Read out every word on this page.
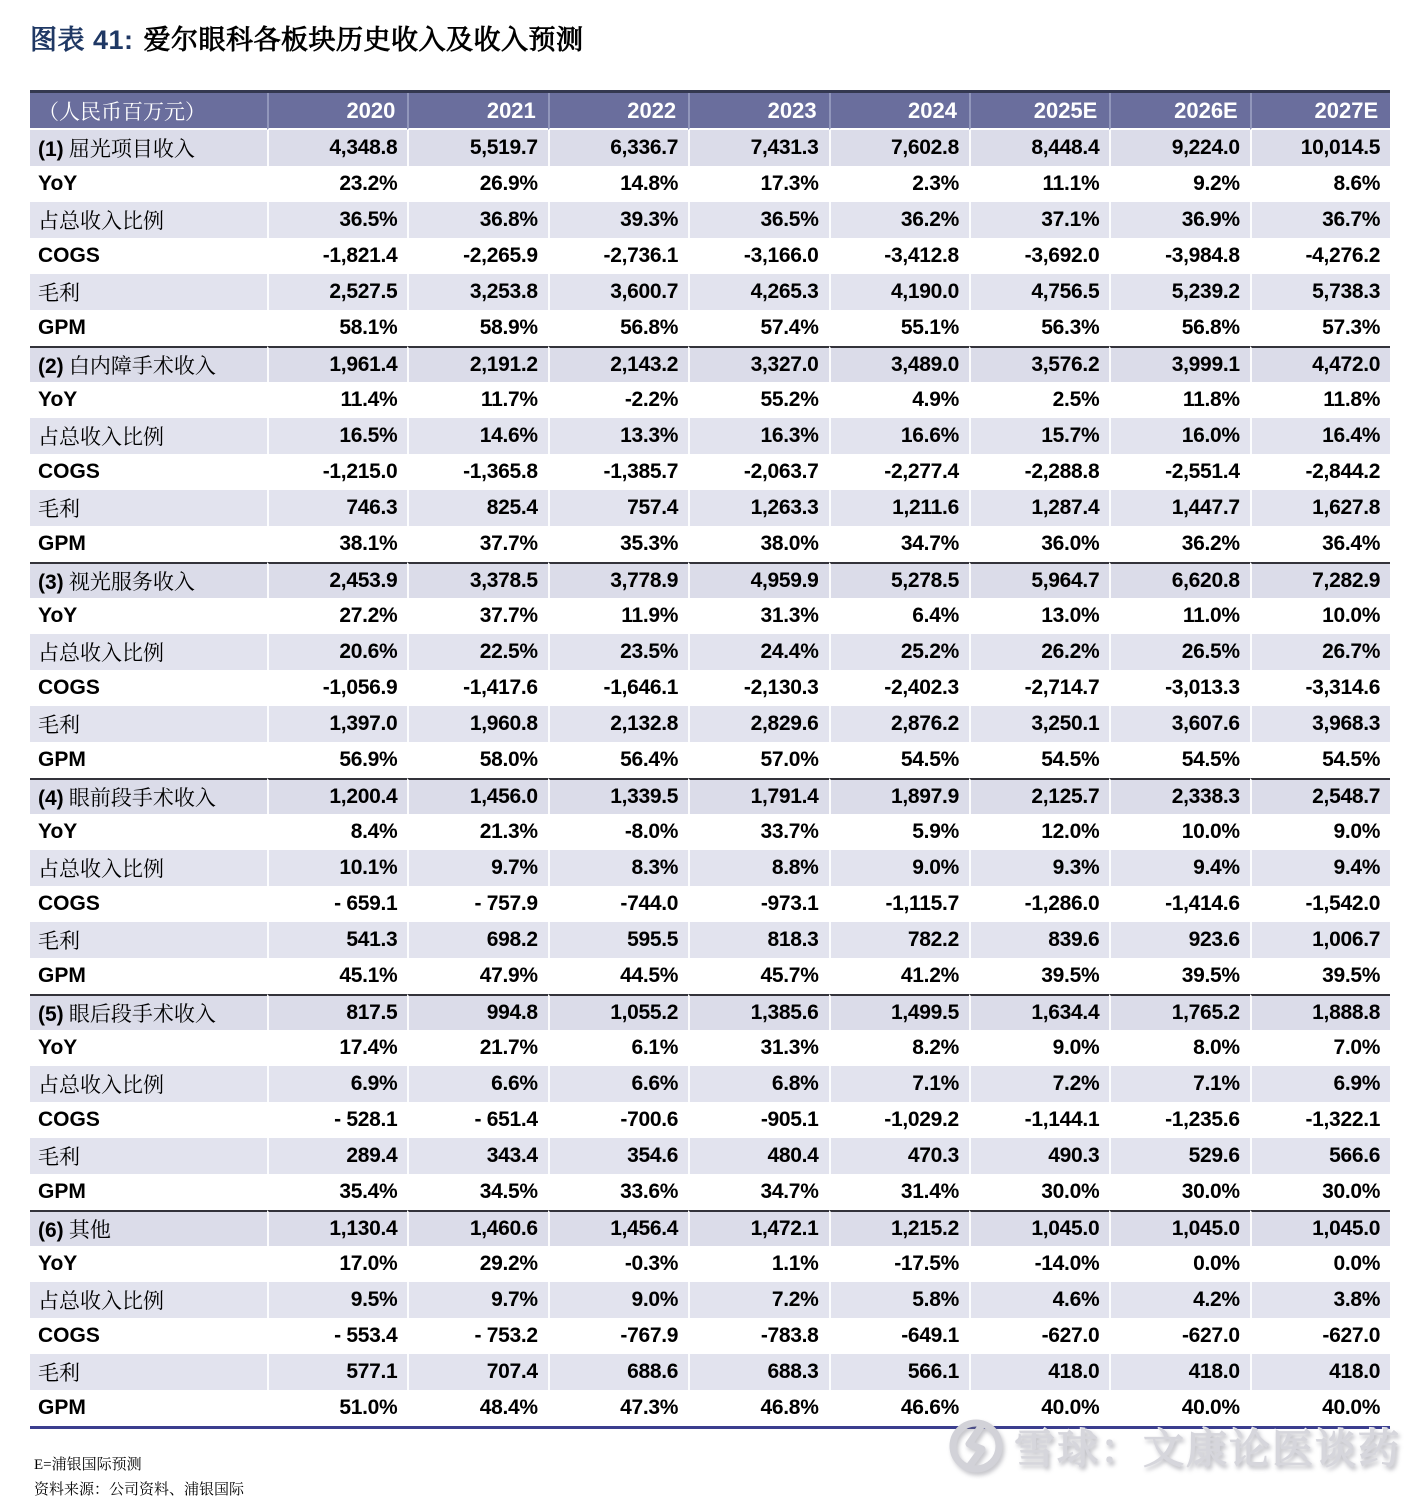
图表 41: 爱尔眼科各板块历史收入及收入预测
（人民币百万元）	2020	2021	2022	2023	2024	2025E	2026E	2027E
(1) 屈光项目收入	4,348.8	5,519.7	6,336.7	7,431.3	7,602.8	8,448.4	9,224.0	10,014.5
YoY	23.2%	26.9%	14.8%	17.3%	2.3%	11.1%	9.2%	8.6%
占总收入比例	36.5%	36.8%	39.3%	36.5%	36.2%	37.1%	36.9%	36.7%
COGS	-1,821.4	-2,265.9	-2,736.1	-3,166.0	-3,412.8	-3,692.0	-3,984.8	-4,276.2
毛利	2,527.5	3,253.8	3,600.7	4,265.3	4,190.0	4,756.5	5,239.2	5,738.3
GPM	58.1%	58.9%	56.8%	57.4%	55.1%	56.3%	56.8%	57.3%
(2) 白内障手术收入	1,961.4	2,191.2	2,143.2	3,327.0	3,489.0	3,576.2	3,999.1	4,472.0
YoY	11.4%	11.7%	-2.2%	55.2%	4.9%	2.5%	11.8%	11.8%
占总收入比例	16.5%	14.6%	13.3%	16.3%	16.6%	15.7%	16.0%	16.4%
COGS	-1,215.0	-1,365.8	-1,385.7	-2,063.7	-2,277.4	-2,288.8	-2,551.4	-2,844.2
毛利	746.3	825.4	757.4	1,263.3	1,211.6	1,287.4	1,447.7	1,627.8
GPM	38.1%	37.7%	35.3%	38.0%	34.7%	36.0%	36.2%	36.4%
(3) 视光服务收入	2,453.9	3,378.5	3,778.9	4,959.9	5,278.5	5,964.7	6,620.8	7,282.9
YoY	27.2%	37.7%	11.9%	31.3%	6.4%	13.0%	11.0%	10.0%
占总收入比例	20.6%	22.5%	23.5%	24.4%	25.2%	26.2%	26.5%	26.7%
COGS	-1,056.9	-1,417.6	-1,646.1	-2,130.3	-2,402.3	-2,714.7	-3,013.3	-3,314.6
毛利	1,397.0	1,960.8	2,132.8	2,829.6	2,876.2	3,250.1	3,607.6	3,968.3
GPM	56.9%	58.0%	56.4%	57.0%	54.5%	54.5%	54.5%	54.5%
(4) 眼前段手术收入	1,200.4	1,456.0	1,339.5	1,791.4	1,897.9	2,125.7	2,338.3	2,548.7
YoY	8.4%	21.3%	-8.0%	33.7%	5.9%	12.0%	10.0%	9.0%
占总收入比例	10.1%	9.7%	8.3%	8.8%	9.0%	9.3%	9.4%	9.4%
COGS	- 659.1	- 757.9	-744.0	-973.1	-1,115.7	-1,286.0	-1,414.6	-1,542.0
毛利	541.3	698.2	595.5	818.3	782.2	839.6	923.6	1,006.7
GPM	45.1%	47.9%	44.5%	45.7%	41.2%	39.5%	39.5%	39.5%
(5) 眼后段手术收入	817.5	994.8	1,055.2	1,385.6	1,499.5	1,634.4	1,765.2	1,888.8
YoY	17.4%	21.7%	6.1%	31.3%	8.2%	9.0%	8.0%	7.0%
占总收入比例	6.9%	6.6%	6.6%	6.8%	7.1%	7.2%	7.1%	6.9%
COGS	- 528.1	- 651.4	-700.6	-905.1	-1,029.2	-1,144.1	-1,235.6	-1,322.1
毛利	289.4	343.4	354.6	480.4	470.3	490.3	529.6	566.6
GPM	35.4%	34.5%	33.6%	34.7%	31.4%	30.0%	30.0%	30.0%
(6) 其他	1,130.4	1,460.6	1,456.4	1,472.1	1,215.2	1,045.0	1,045.0	1,045.0
YoY	17.0%	29.2%	-0.3%	1.1%	-17.5%	-14.0%	0.0%	0.0%
占总收入比例	9.5%	9.7%	9.0%	7.2%	5.8%	4.6%	4.2%	3.8%
COGS	- 553.4	- 753.2	-767.9	-783.8	-649.1	-627.0	-627.0	-627.0
毛利	577.1	707.4	688.6	688.3	566.1	418.0	418.0	418.0
GPM	51.0%	48.4%	47.3%	46.8%	46.6%	40.0%	40.0%	40.0%
E=浦银国际预测
资料来源：公司资料、浦银国际
雪球：文康论医谈药
